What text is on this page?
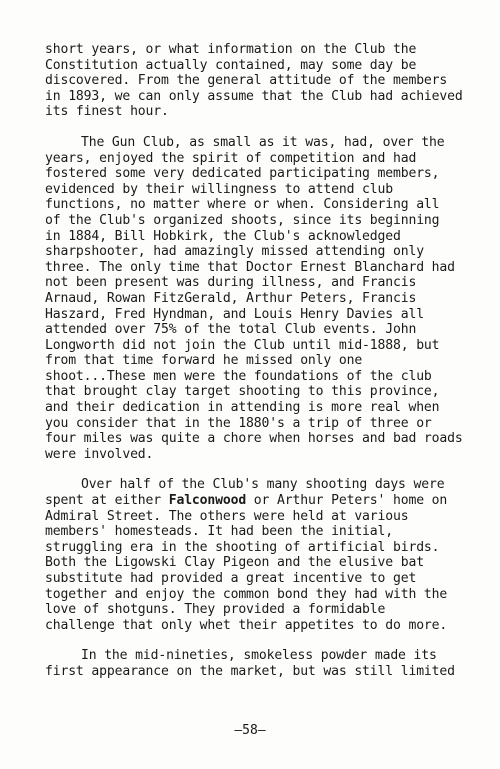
short years, or what information on the Club the
Constitution actually contained, may some day be
discovered. From the general attitude of the members
in 1893, we can only assume that the Club had achieved
its finest hour.
The Gun Club, as small as it was, had, over the
years, enjoyed the spirit of competition and had
fostered some very dedicated participating members,
evidenced by their willingness to attend club
functions, no matter where or when. Considering all
of the Club's organized shoots, since its beginning
in 1884, Bill Hobkirk, the Club's acknowledged
sharpshooter, had amazingly missed attending only
three. The only time that Doctor Ernest Blanchard had
not been present was during illness, and Francis
Arnaud, Rowan FitzGerald, Arthur Peters, Francis
Haszard, Fred Hyndman, and Louis Henry Davies all
attended over 75% of the total Club events. John
Longworth did not join the Club until mid-1888, but
from that time forward he missed only one
shoot...These men were the foundations of the club
that brought clay target shooting to this province,
and their dedication in attending is more real when
you consider that in the 1880's a trip of three or
four miles was quite a chore when horses and bad roads
were involved.
Over half of the Club's many shooting days were
spent at either Falconwood or Arthur Peters' home on
Admiral Street. The others were held at various
members' homesteads. It had been the initial,
struggling era in the shooting of artificial birds.
Both the Ligowski Clay Pigeon and the elusive bat
substitute had provided a great incentive to get
together and enjoy the common bond they had with the
love of shotguns. They provided a formidable
challenge that only whet their appetites to do more.
In the mid-nineties, smokeless powder made its
first appearance on the market, but was still limited
—58—
